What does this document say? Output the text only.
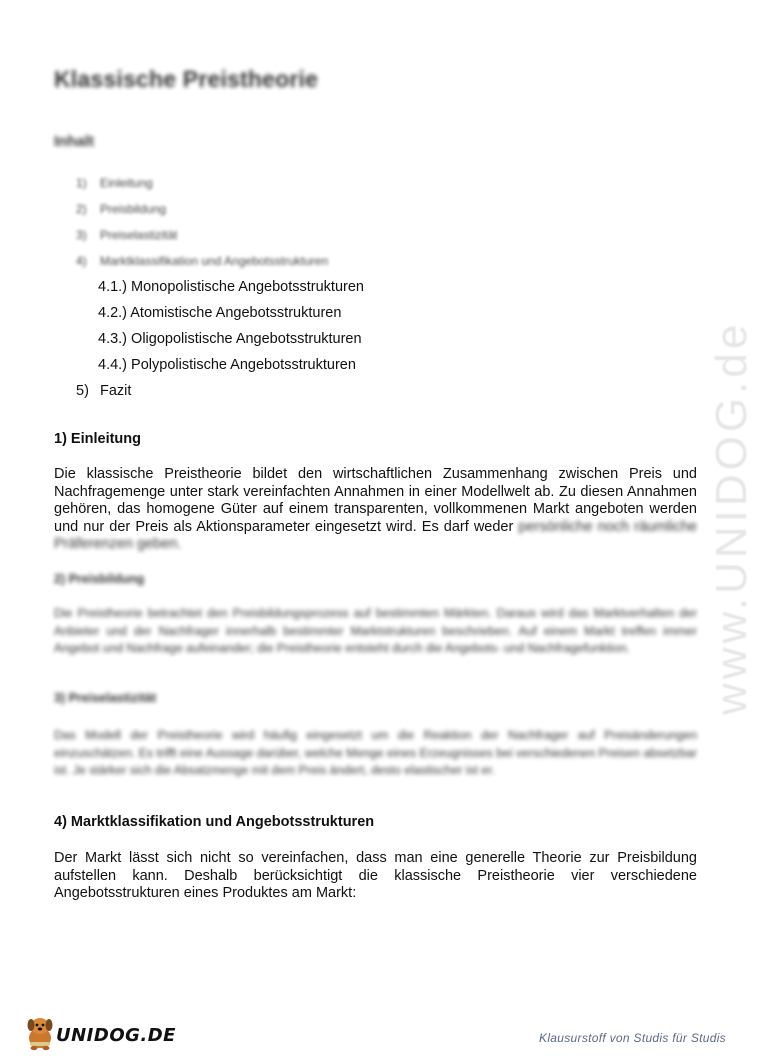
www.UNIDOG.de
Klassische Preistheorie
Inhalt
1) Einleitung
2) Preisbildung
3) Preiselastizität
4) Marktklassifikation und Angebotsstrukturen
4.1.) Monopolistische Angebotsstrukturen
4.2.) Atomistische Angebotsstrukturen
4.3.) Oligopolistische Angebotsstrukturen
4.4.) Polypolistische Angebotsstrukturen
5) Fazit
1) Einleitung
Die klassische Preistheorie bildet den wirtschaftlichen Zusammenhang zwischen Preis und Nachfragemenge unter stark vereinfachten Annahmen in einer Modellwelt ab. Zu diesen Annahmen gehören, das homogene Güter auf einem transparenten, vollkommenen Markt angeboten werden und nur der Preis als Aktionsparameter eingesetzt wird. Es darf weder persönliche noch räumliche Präferenzen geben.
2) Preisbildung
Die Preistheorie betrachtet den Preisbildungsprozess auf bestimmten Märkten. Daraus wird das Marktverhalten der Anbieter und der Nachfrager innerhalb bestimmter Marktstrukturen beschrieben. Auf einem Markt treffen immer Angebot und Nachfrage aufeinander; die Preistheorie entsteht durch die Angebots- und Nachfragefunktion.
3) Preiselastizität
Das Modell der Preistheorie wird häufig eingesetzt um die Reaktion der Nachfrager auf Preisänderungen einzuschätzen. Es trifft eine Aussage darüber, welche Menge eines Erzeugnisses bei verschiedenen Preisen absetzbar ist. Je stärker sich die Absatzmenge mit dem Preis ändert, desto elastischer ist er.
4) Marktklassifikation und Angebotsstrukturen
Der Markt lässt sich nicht so vereinfachen, dass man eine generelle Theorie zur Preisbildung aufstellen kann. Deshalb berücksichtigt die klassische Preistheorie vier verschiedene Angebotsstrukturen eines Produktes am Markt:
UNIDOG.DE	Klausurstoff von Studis für Studis
